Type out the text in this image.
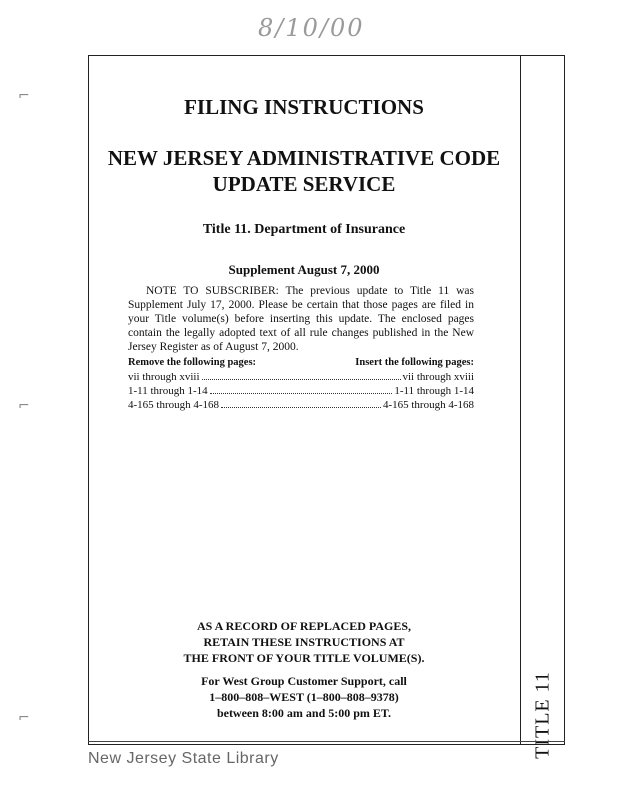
8/10/00
TITLE 11
⌐
⌐
⌐
FILING INSTRUCTIONS
NEW JERSEY ADMINISTRATIVE CODE
UPDATE SERVICE
Title 11. Department of Insurance
Supplement August 7, 2000
NOTE TO SUBSCRIBER: The previous update to Title 11 was Supplement July 17, 2000. Please be certain that those pages are filed in your Title volume(s) before inserting this update. The enclosed pages contain the legally adopted text of all rule changes published in the New Jersey Register as of August 7, 2000.
Remove the following pages:	Insert the following pages:
vii through xviii	vii through xviii
1-11 through 1-14	1-11 through 1-14
4-165 through 4-168	4-165 through 4-168
AS A RECORD OF REPLACED PAGES,
RETAIN THESE INSTRUCTIONS AT
THE FRONT OF YOUR TITLE VOLUME(S).
For West Group Customer Support, call
1–800–808–WEST (1–800–808–9378)
between 8:00 am and 5:00 pm ET.
New Jersey State Library
